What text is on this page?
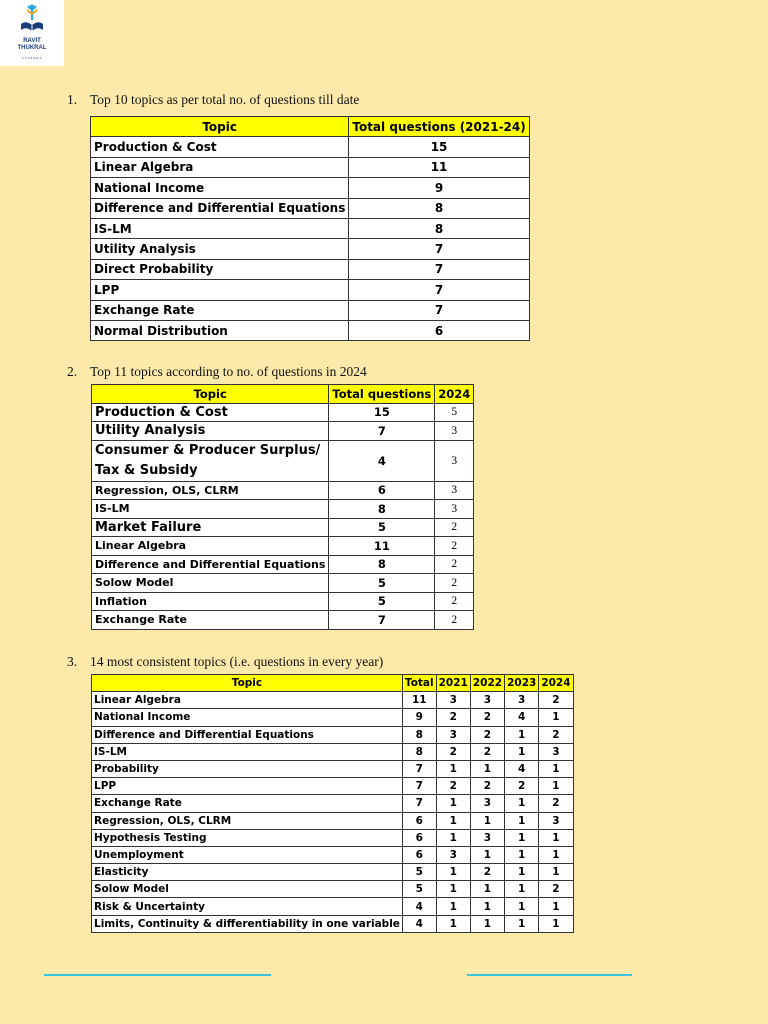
RAVIT
THUKRAL
CLASSES
1. Top 10 topics as per total no. of questions till date
Topic	Total questions (2021-24)
Production & Cost	15
Linear Algebra	11
National Income	9
Difference and Differential Equations	8
IS-LM	8
Utility Analysis	7
Direct Probability	7
LPP	7
Exchange Rate	7
Normal Distribution	6
2. Top 11 topics according to no. of questions in 2024
Topic	Total questions	2024
Production & Cost	15	5
Utility Analysis	7	3
Consumer & Producer Surplus/ Tax & Subsidy	4	3
Regression, OLS, CLRM	6	3
IS-LM	8	3
Market Failure	5	2
Linear Algebra	11	2
Difference and Differential Equations	8	2
Solow Model	5	2
Inflation	5	2
Exchange Rate	7	2
3. 14 most consistent topics (i.e. questions in every year)
Topic	Total	2021	2022	2023	2024
Linear Algebra	11	3	3	3	2
National Income	9	2	2	4	1
Difference and Differential Equations	8	3	2	1	2
IS-LM	8	2	2	1	3
Probability	7	1	1	4	1
LPP	7	2	2	2	1
Exchange Rate	7	1	3	1	2
Regression, OLS, CLRM	6	1	1	1	3
Hypothesis Testing	6	1	3	1	1
Unemployment	6	3	1	1	1
Elasticity	5	1	2	1	1
Solow Model	5	1	1	1	2
Risk & Uncertainty	4	1	1	1	1
Limits, Continuity & differentiability in one variable	4	1	1	1	1
